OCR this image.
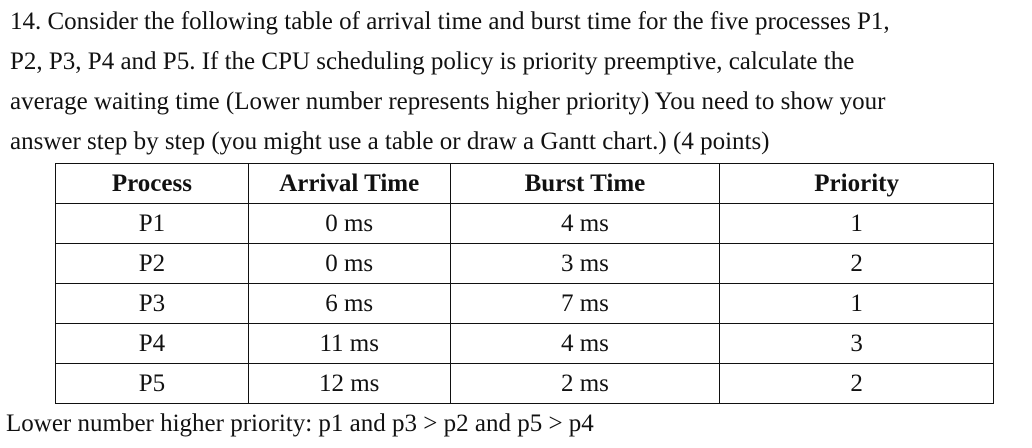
14. Consider the following table of arrival time and burst time for the five processes P1,
P2, P3, P4 and P5. If the CPU scheduling policy is priority preemptive, calculate the
average waiting time (Lower number represents higher priority) You need to show your
answer step by step (you might use a table or draw a Gantt chart.) (4 points)

Process	Arrival Time	Burst Time	Priority
P1	0 ms	4 ms	1
P2	0 ms	3 ms	2
P3	6 ms	7 ms	1
P4	11 ms	4 ms	3
P5	12 ms	2 ms	2

Lower number higher priority: p1 and p3 > p2 and p5 > p4
